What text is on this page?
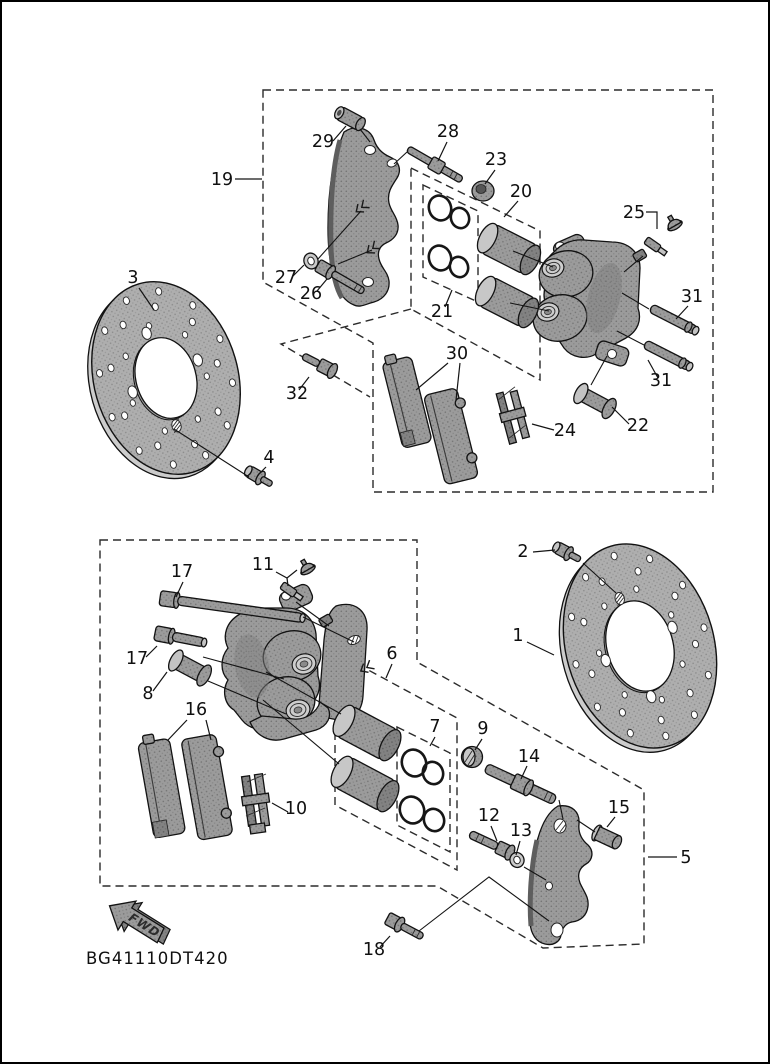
19
29	28
23
20
25
31
31
22
24
30
21
26
27
32
3
4
17	11
17
8
16
10
6
7 9
14
12
13
15
5
2
1
18
FWD
BG41110DT420
